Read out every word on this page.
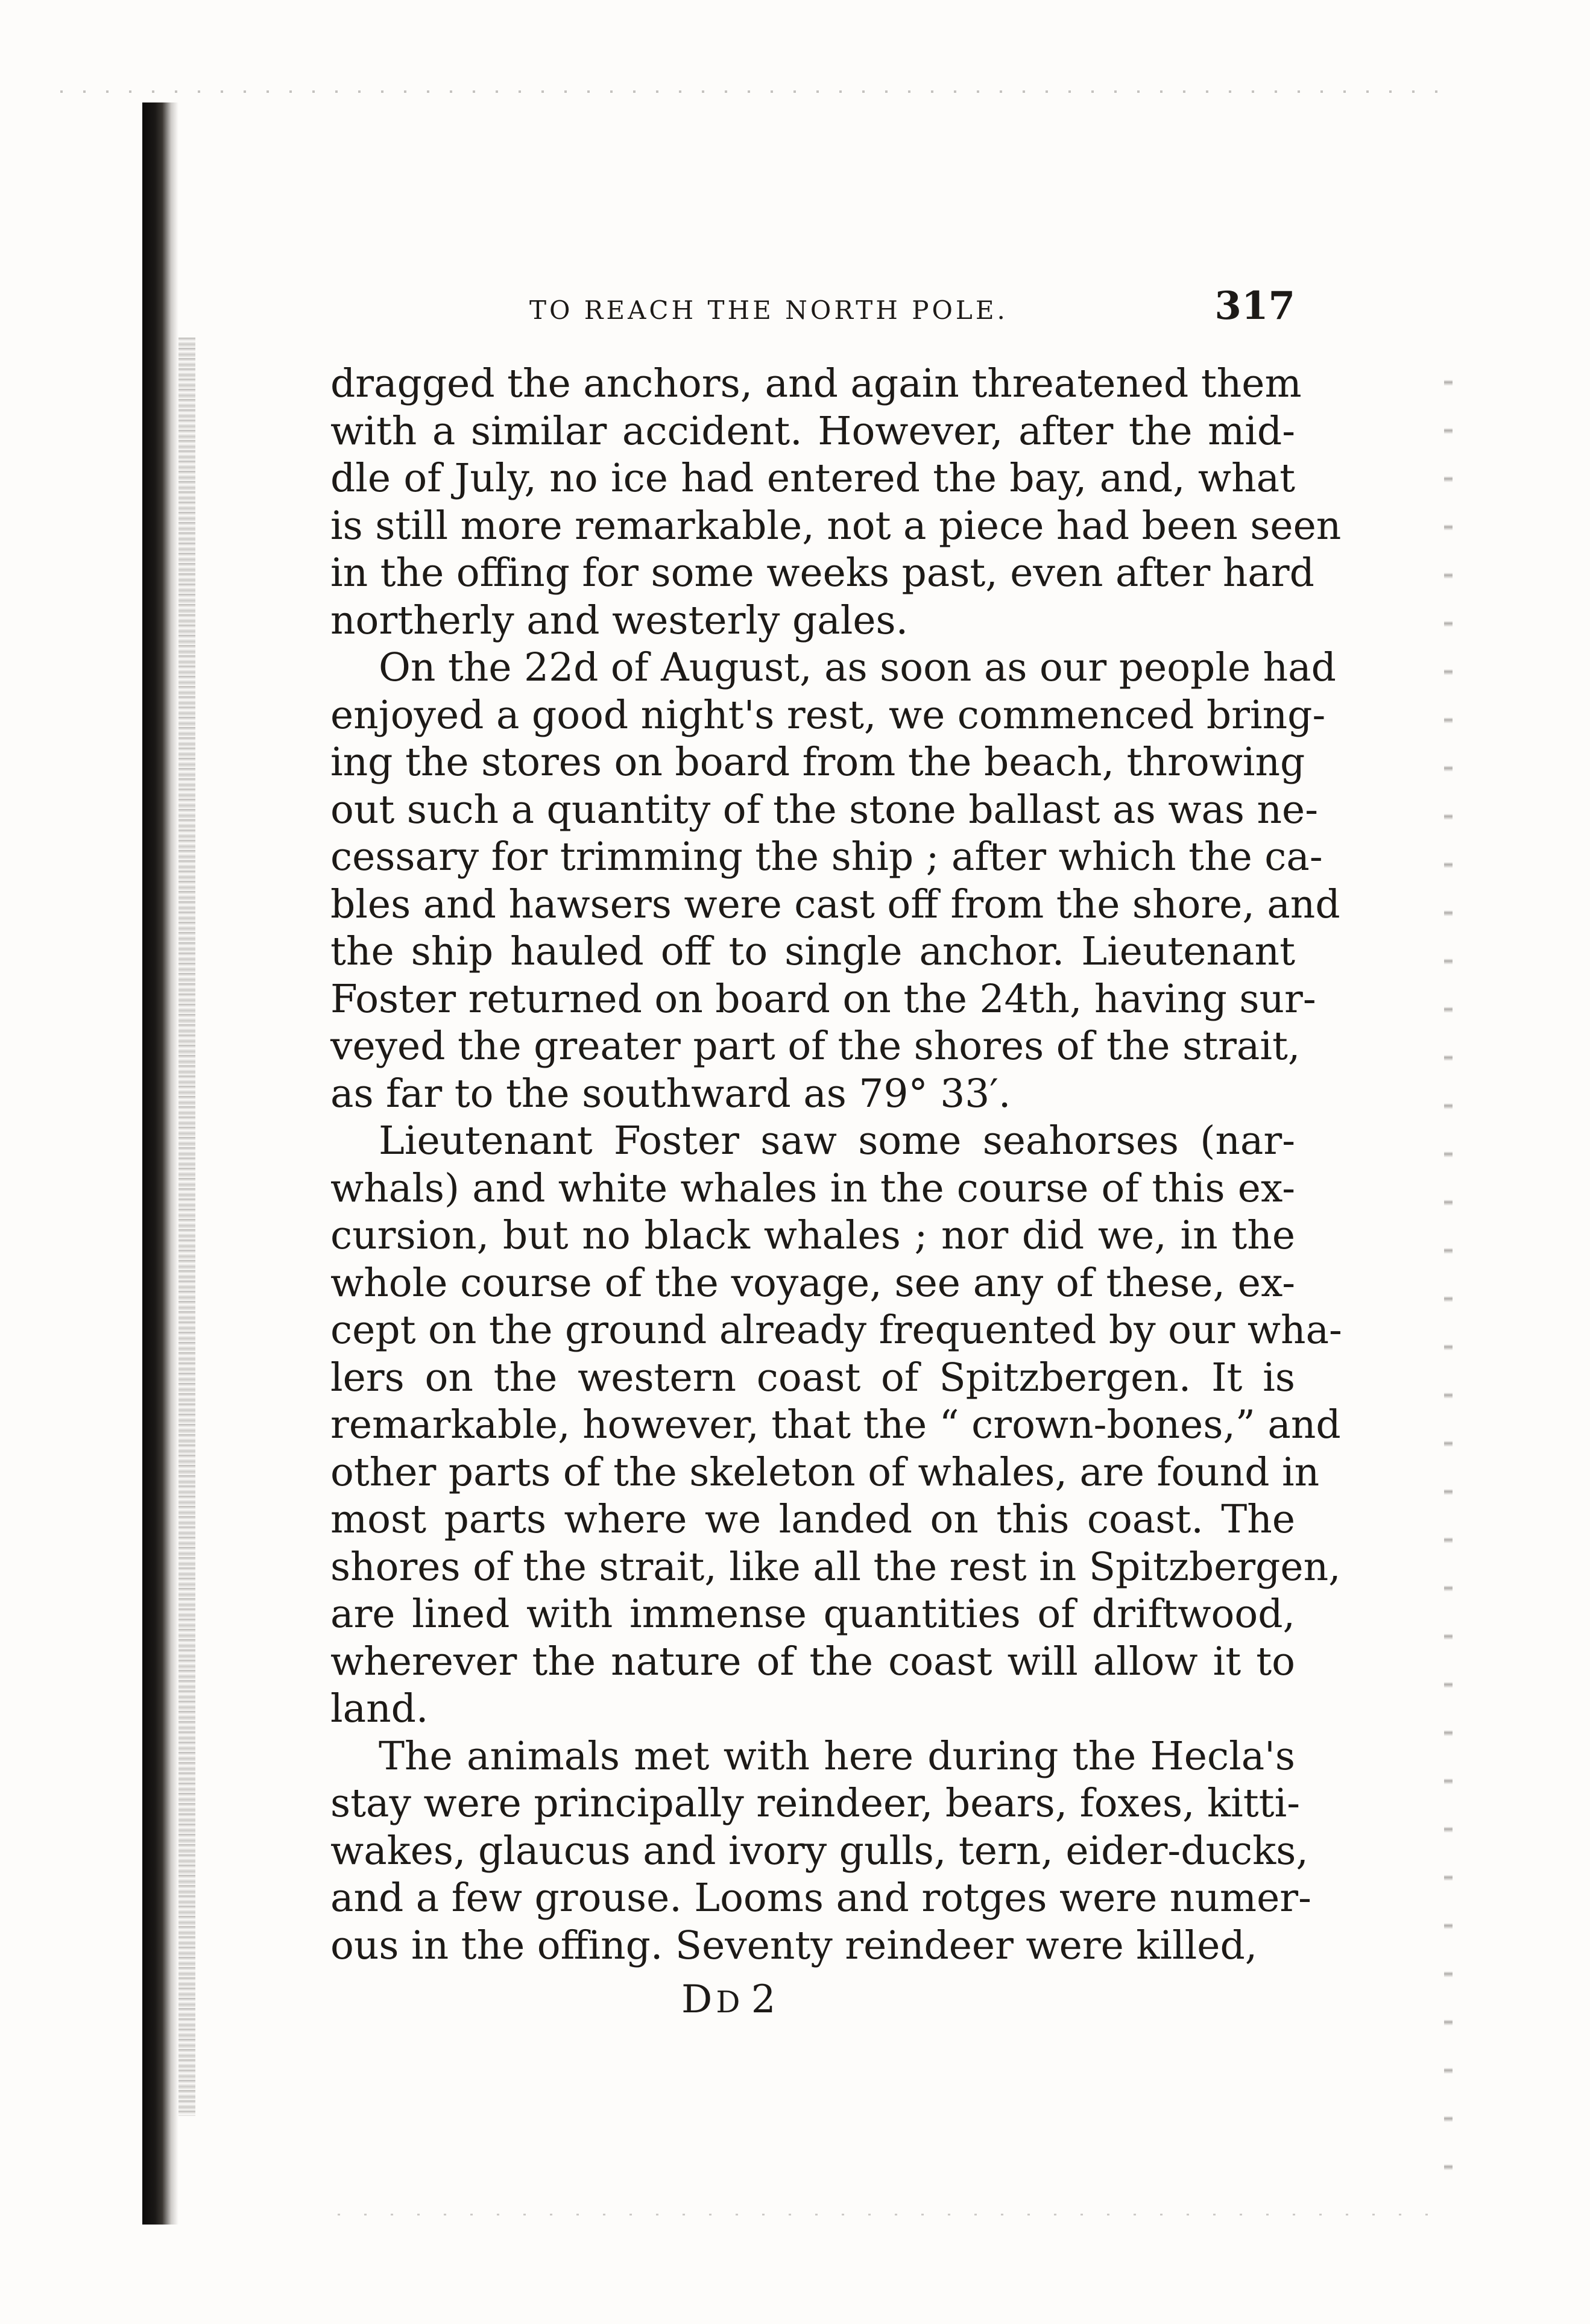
TO REACH THE NORTH POLE.	317
dragged the anchors, and again threatened them
with a similar accident. However, after the mid-
dle of July, no ice had entered the bay, and, what
is still more remarkable, not a piece had been seen
in the offing for some weeks past, even after hard
northerly and westerly gales.
On the 22d of August, as soon as our people had
enjoyed a good night's rest, we commenced bring-
ing the stores on board from the beach, throwing
out such a quantity of the stone ballast as was ne-
cessary for trimming the ship ; after which the ca-
bles and hawsers were cast off from the shore, and
the ship hauled off to single anchor. Lieutenant
Foster returned on board on the 24th, having sur-
veyed the greater part of the shores of the strait,
as far to the southward as 79° 33′.
Lieutenant Foster saw some seahorses (nar-
whals) and white whales in the course of this ex-
cursion, but no black whales ; nor did we, in the
whole course of the voyage, see any of these, ex-
cept on the ground already frequented by our wha-
lers on the western coast of Spitzbergen. It is
remarkable, however, that the “ crown-bones,” and
other parts of the skeleton of whales, are found in
most parts where we landed on this coast. The
shores of the strait, like all the rest in Spitzbergen,
are lined with immense quantities of driftwood,
wherever the nature of the coast will allow it to
land.
The animals met with here during the Hecla's
stay were principally reindeer, bears, foxes, kitti-
wakes, glaucus and ivory gulls, tern, eider-ducks,
and a few grouse. Looms and rotges were numer-
ous in the offing. Seventy reindeer were killed,
DD  2
